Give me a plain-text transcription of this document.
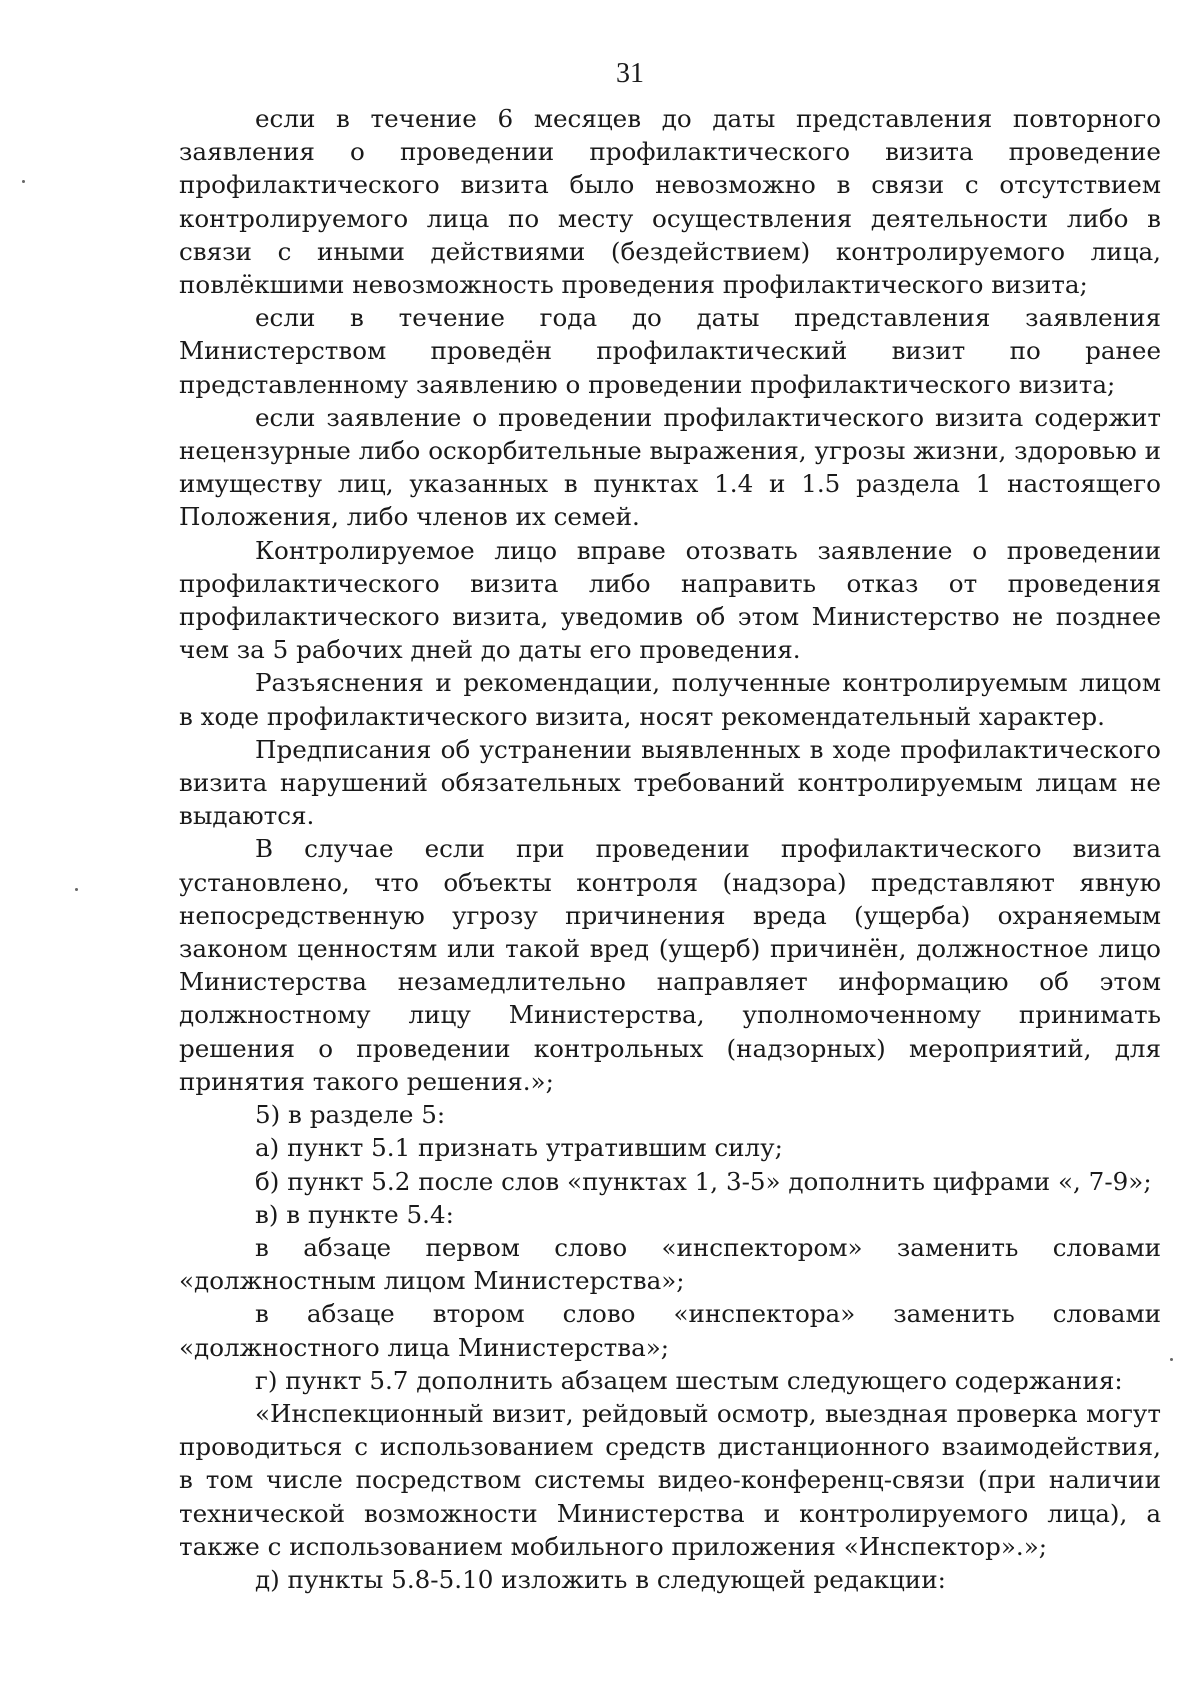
31

если в течение 6 месяцев до даты представления повторного заявления о проведении профилактического визита проведение профилактического визита было невозможно в связи с отсутствием контролируемого лица по месту осуществления деятельности либо в связи с иными действиями (бездействием) контролируемого лица, повлёкшими невозможность проведения профилактического визита;

если в течение года до даты представления заявления Министерством проведён профилактический визит по ранее представленному заявлению о проведении профилактического визита;

если заявление о проведении профилактического визита содержит нецензурные либо оскорбительные выражения, угрозы жизни, здоровью и имуществу лиц, указанных в пунктах 1.4 и 1.5 раздела 1 настоящего Положения, либо членов их семей.

Контролируемое лицо вправе отозвать заявление о проведении профилактического визита либо направить отказ от проведения профилактического визита, уведомив об этом Министерство не позднее чем за 5 рабочих дней до даты его проведения.

Разъяснения и рекомендации, полученные контролируемым лицом в ходе профилактического визита, носят рекомендательный характер.

Предписания об устранении выявленных в ходе профилактического визита нарушений обязательных требований контролируемым лицам не выдаются.

В случае если при проведении профилактического визита установлено, что объекты контроля (надзора) представляют явную непосредственную угрозу причинения вреда (ущерба) охраняемым законом ценностям или такой вред (ущерб) причинён, должностное лицо Министерства незамедлительно направляет информацию об этом должностному лицу Министерства, уполномоченному принимать решения о проведении контрольных (надзорных) мероприятий, для принятия такого решения.»;

5) в разделе 5:

а) пункт 5.1 признать утратившим силу;

б) пункт 5.2 после слов «пунктах 1, 3-5» дополнить цифрами «, 7-9»;

в) в пункте 5.4:

в абзаце первом слово «инспектором» заменить словами «должностным лицом Министерства»;

в абзаце втором слово «инспектора» заменить словами «должностного лица Министерства»;

г) пункт 5.7 дополнить абзацем шестым следующего содержания:

«Инспекционный визит, рейдовый осмотр, выездная проверка могут проводиться с использованием средств дистанционного взаимодействия, в том числе посредством системы видео-конференц-связи (при наличии технической возможности Министерства и контролируемого лица), а также с использованием мобильного приложения «Инспектор».»;

д) пункты 5.8-5.10 изложить в следующей редакции:
